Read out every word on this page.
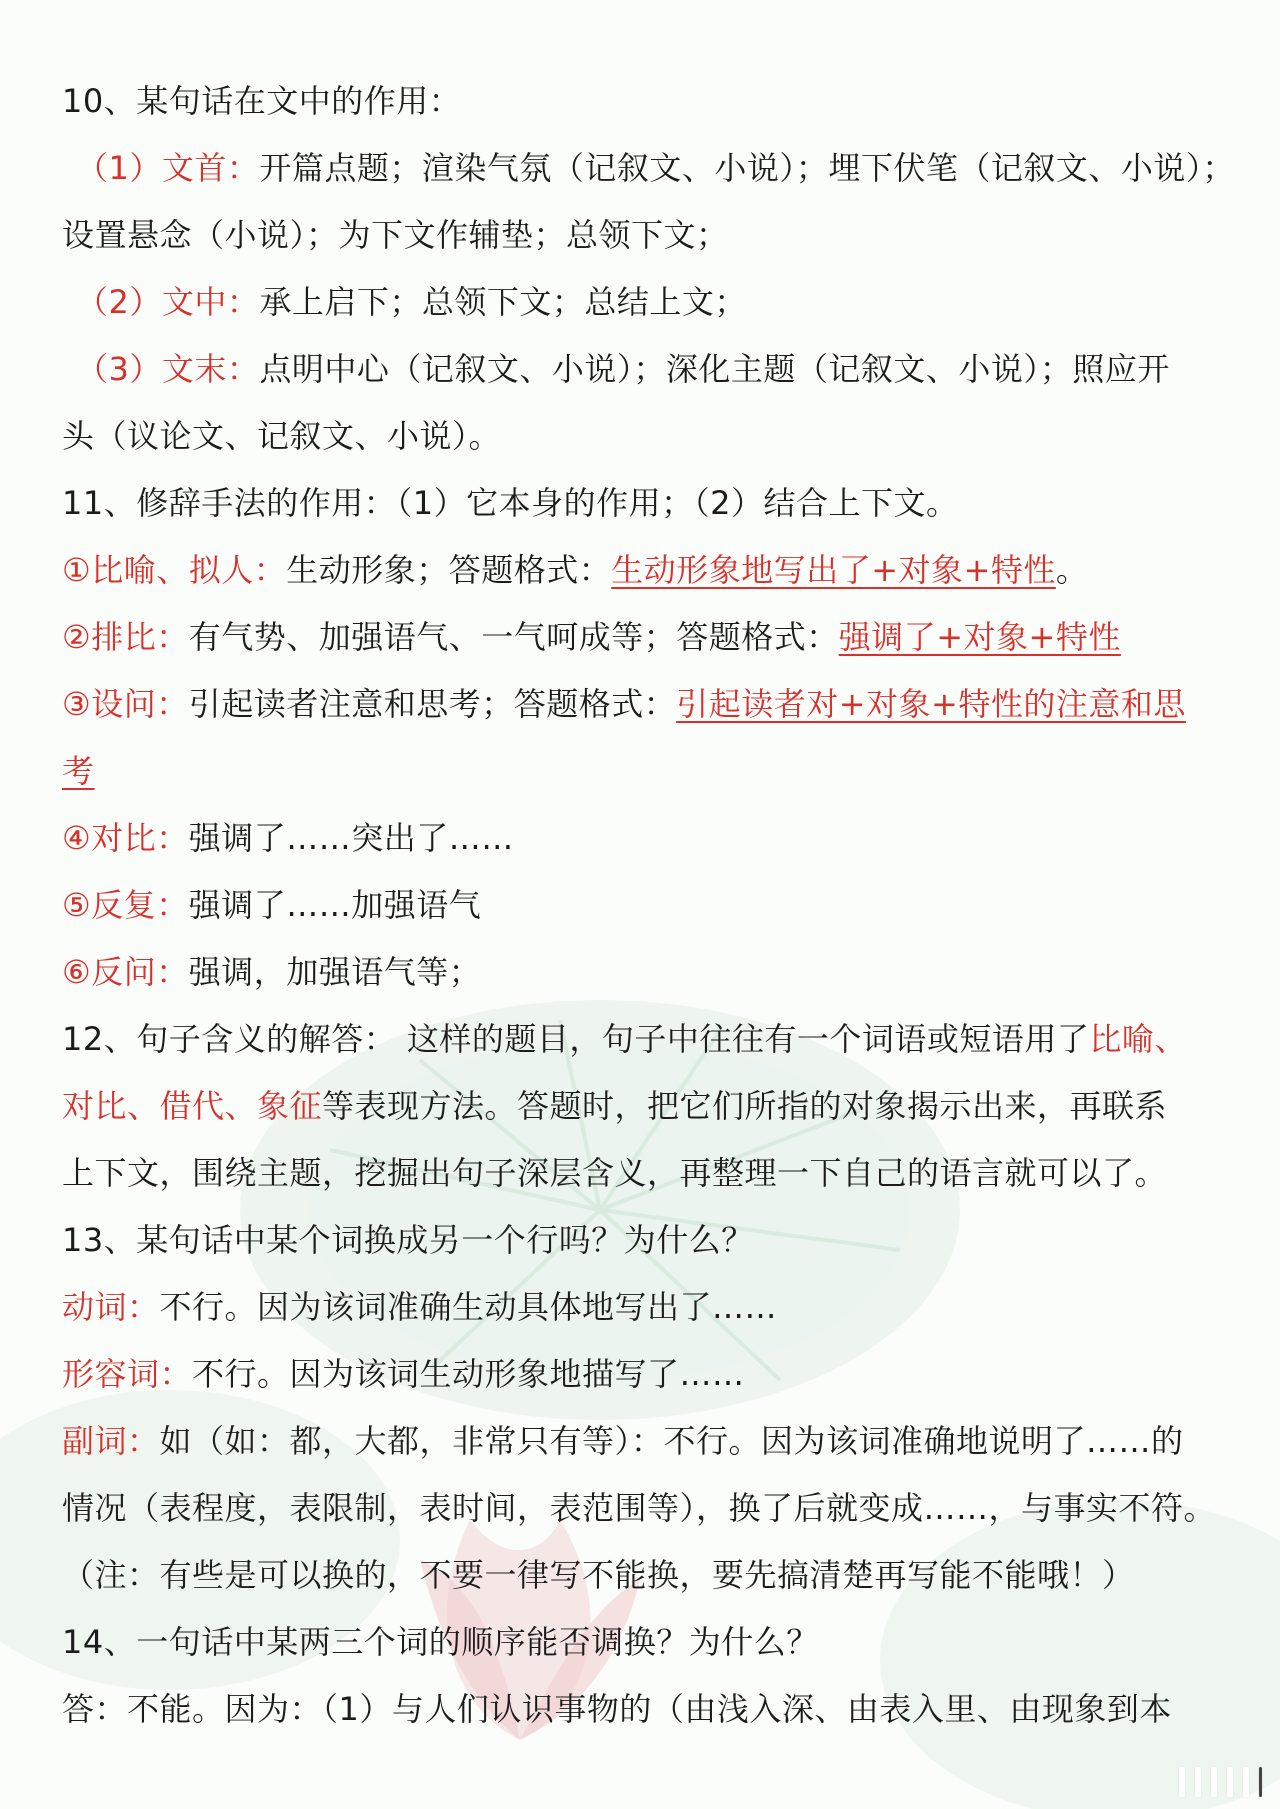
10、某句话在文中的作用：
（1）文首：开篇点题；渲染气氛（记叙文、小说）；埋下伏笔（记叙文、小说）；
设置悬念（小说）；为下文作辅垫；总领下文；
（2）文中：承上启下；总领下文；总结上文；
（3）文末：点明中心（记叙文、小说）；深化主题（记叙文、小说）；照应开
头（议论文、记叙文、小说）。
11、修辞手法的作用：（1）它本身的作用；（2）结合上下文。
①比喻、拟人：生动形象；答题格式：生动形象地写出了+对象+特性。
②排比：有气势、加强语气、一气呵成等；答题格式：强调了+对象+特性
③设问：引起读者注意和思考；答题格式：引起读者对+对象+特性的注意和思
考
④对比：强调了……突出了……
⑤反复：强调了……加强语气
⑥反问：强调，加强语气等；
12、句子含义的解答： 这样的题目，句子中往往有一个词语或短语用了比喻、
对比、借代、象征等表现方法。答题时，把它们所指的对象揭示出来，再联系
上下文，围绕主题，挖掘出句子深层含义，再整理一下自己的语言就可以了。
13、某句话中某个词换成另一个行吗？为什么？
动词：不行。因为该词准确生动具体地写出了……
形容词：不行。因为该词生动形象地描写了……
副词：如（如：都，大都，非常只有等）：不行。因为该词准确地说明了……的
情况（表程度，表限制，表时间，表范围等），换了后就变成……，与事实不符。
（注：有些是可以换的，不要一律写不能换，要先搞清楚再写能不能哦！）
14、一句话中某两三个词的顺序能否调换？为什么？
答：不能。因为：（1）与人们认识事物的（由浅入深、由表入里、由现象到本
